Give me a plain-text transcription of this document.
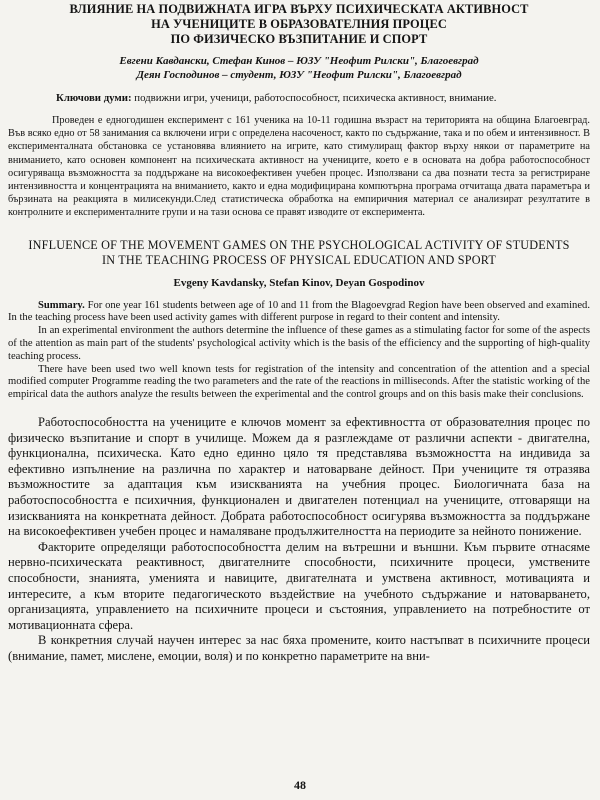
ВЛИЯНИЕ НА ПОДВИЖНАТА ИГРА ВЪРХУ ПСИХИЧЕСКАТА АКТИВНОСТ
НА УЧЕНИЦИТЕ В ОБРАЗОВАТЕЛНИЯ ПРОЦЕС
ПО ФИЗИЧЕСКО ВЪЗПИТАНИЕ И СПОРТ
Евгени Кавдански, Стефан Кинов – ЮЗУ "Неофит Рилски", Благоевград
Деян Господинов – студент, ЮЗУ "Неофит Рилски", Благоевград
Ключови думи: подвижни игри, ученици, работоспособност, психическа активност, внимание.
Проведен е едногодишен експеримент с 161 ученика на 10-11 годишна възраст на територията на община Благоевград. Във всяко едно от 58 занимания са включени игри с определена насоченост, както по съдържание, така и по обем и интензивност. В експерименталната обстановка се установява влиянието на игрите, като стимулиращ фактор върху някои от параметрите на вниманието, като основен компонент на психическата активност на учениците, което е в основата на добра работоспособност осигуряваща възможността за поддържане на високоефективен учебен процес. Използвани са два познати теста за регистриране интензивността и концентрацията на вниманието, както и една модифицирана компютърна програма отчитаща двата параметъра и бързината на реакцията в милисекунди.След статистическа обработка на емпиричния материал се анализират резултатите в контролните и експерименталните групи и на тази основа се правят изводите от експеримента.
INFLUENCE OF THE MOVEMENT GAMES ON THE PSYCHOLOGICAL ACTIVITY OF STUDENTS
IN THE TEACHING PROCESS OF PHYSICAL EDUCATION AND SPORT
Evgeny Kavdansky, Stefan Kinov, Deyan Gospodinov

Summary. For one year 161 students between age of 10 and 11 from the Blagoevgrad Region have been observed and examined. In the teaching process have been used activity games with different purpose in regard to their content and intensity.

In an experimental environment the authors determine the influence of these games as a stimulating factor for some of the aspects of the attention as main part of the students' psychological activity which is the basis of the efficiency and the supporting of high-quality teaching process.

There have been used two well known tests for registration of the intensity and concentration of the attention and a special modified computer Programme reading the two parameters and the rate of the reactions in milliseconds. After the statistic working of the empirical data the authors analyze the results between the experimental and the control groups and on this basis make their conclusions.

Работоспособността на учениците е ключов момент за ефективността от образователния процес по физическо възпитание и спорт в училище. Можем да я разглеждаме от различни аспекти - двигателна, функционална, психическа. Като едно единно цяло тя представлява възможността на индивида за ефективно изпълнение на различна по характер и натоварване дейност. При учениците тя отразява възможностите за адаптация към изискванията на учебния процес. Биологичната база на работоспособността е психичния, функционален и двигателен потенциал на учениците, отговарящи на изискванията на конкретната дейност. Добрата работоспособност осигурява възможността за поддържане на високоефективен учебен процес и намаляване продължителността на периодите за нейното понижение.

Факторите определящи работоспособността делим на вътрешни и външни. Към първите отнасяме нервно-психическата реактивност, двигателните способности, психичните процеси, умствените способности, знанията, уменията и навиците, двигателната и умствена активност, мотивацията и интересите, а към вторите педагогическото въздействие на учебното съдържание и натоварването, организацията, управлението на психичните процеси и състояния, управлението на потребностите от мотивационната сфера.

В конкретния случай научен интерес за нас бяха промените, които настъпват в психичните процеси (внимание, памет, мислене, емоции, воля) и по конкретно параметрите на вни-

48
